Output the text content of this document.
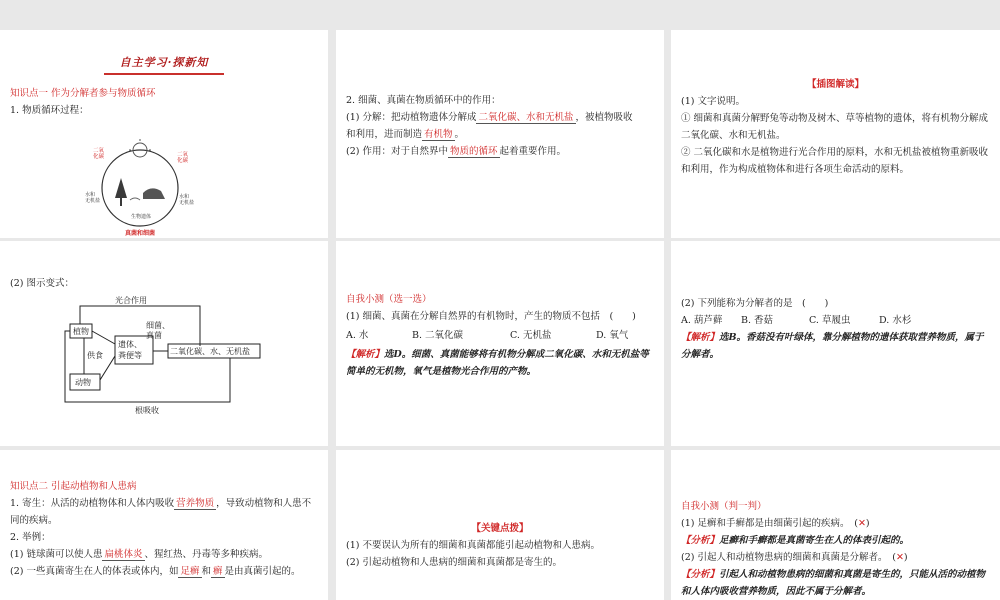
自主学习·探新知

知识点一 作为分解者参与物质循环

1. 物质循环过程：

二氧
化碳	二氧
化碳
水和
无机盐
水和
无机盐
生物遗体
真菌和细菌

2. 细菌、真菌在物质循环中的作用：

(1) 分解：把动植物遗体分解成 二氧化碳、水和无机盐 ，被植物吸收

和利用，进而制造 有机物 。

(2) 作用：对于自然界中 物质的循环 起着重要作用。

【插图解读】

(1) 文字说明。

① 细菌和真菌分解野兔等动物及树木、草等植物的遗体，将有机物分解成二氧化碳、水和无机盐。

② 二氧化碳和水是植物进行光合作用的原料，水和无机盐被植物重新吸收和利用，作为构成植物体和进行各项生命活动的原料。

(2) 图示变式：

光合作用
植物
供食
遗体、
粪便等
细菌、
真菌
二氧化碳、水、无机盐
动物
根吸收

自我小测（选一选）

(1) 细菌、真菌在分解自然界的有机物时，产生的物质不包括　(　　)

A. 水	B. 二氧化碳	C. 无机盐	D. 氧气

【解析】选D。细菌、真菌能够将有机物分解成二氧化碳、水和无机盐等简单的无机物，氧气是植物光合作用的产物。

(2) 下列能称为分解者的是　(　　)

A. 葫芦藓	B. 香菇	C. 草履虫	D. 水杉

【解析】选B。香菇没有叶绿体，靠分解植物的遗体获取营养物质，属于分解者。

知识点二 引起动植物和人患病

1. 寄生：从活的动植物体和人体内吸收 营养物质 ，导致动植物和人患不同的疾病。

2. 举例：

(1) 链球菌可以使人患 扁桃体炎 、猩红热、丹毒等多种疾病。

(2) 一些真菌寄生在人的体表或体内，如 足癣 和 癣 是由真菌引起的。

【关键点拨】

(1) 不要误认为所有的细菌和真菌都能引起动植物和人患病。

(2) 引起动植物和人患病的细菌和真菌都是寄生的。

自我小测（判一判）

(1) 足癣和手癣都是由细菌引起的疾病。　(✕)

【分析】足癣和手癣都是真菌寄生在人的体表引起的。

(2) 引起人和动植物患病的细菌和真菌是分解者。　(✕)

【分析】引起人和动植物患病的细菌和真菌是寄生的，只能从活的动植物和人体内吸收营养物质，因此不属于分解者。
